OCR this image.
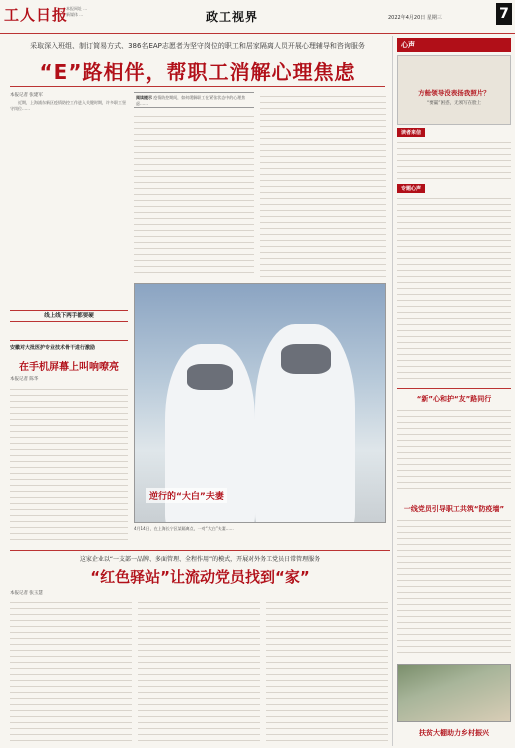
工人日报
本报网址 ...
新媒体 ...	政工视界	2022年4月20日 星期三	7
采取深入班组、制订简易方式、386名EAP志愿者为坚守岗位的职工和居家隔离人员开展心理辅导和咨询服务
“E”路相伴，帮职工消解心理焦虑
本报记者 张建军

近期，上海浦东新区疫情防控工作进入关键时期，许多职工坚守岗位……

阅读提示 疫情防控期间，如何缓解职工在紧张状态中的心理焦虑……
线上线下两手都要硬
安徽对大批医护专业技术骨干进行激励
在手机屏幕上叫响嘹亮
本报记者 陈华
逆行的“大白”夫妻
4月14日，在上海长宁区某隔离点，一对“大白”夫妻……
这家企业以“一支部一品牌、多面管理、全程作用”的模式，开展对外务工党员日常管理服务
“红色驿站”让流动党员找到“家”
本报记者 张玉慧
心声
方舱领导没表扬我照片？
“要赢”困惑，无须写在脸上
读者来信
专题心声
“新”心和护“友”路同行
一线党员引导职工共筑“防疫墙”
扶贫大棚助力乡村振兴
